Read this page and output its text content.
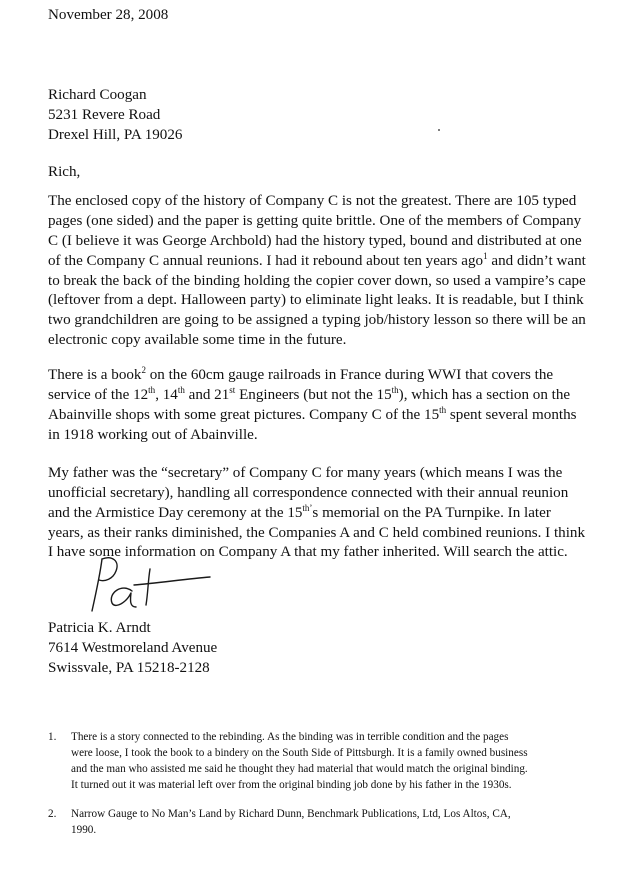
November 28, 2008
Richard Coogan
5231 Revere Road
Drexel Hill, PA 19026
Rich,
The enclosed copy of the history of Company C is not the greatest. There are 105 typed
pages (one sided) and the paper is getting quite brittle. One of the members of Company
C (I believe it was George Archbold) had the history typed, bound and distributed at one
of the Company C annual reunions. I had it rebound about ten years ago$^1$ and didn’t want
to break the back of the binding holding the copier cover down, so used a vampire’s cape
(leftover from a dept. Halloween party) to eliminate light leaks. It is readable, but I think
two grandchildren are going to be assigned a typing job/history lesson so there will be an
electronic copy available some time in the future.
There is a book$^2$ on the 60cm gauge railroads in France during WWI that covers the
service of the 12th, 14th and 21st Engineers (but not the 15th), which has a section on the
Abainville shops with some great pictures. Company C of the 15th spent several months
in 1918 working out of Abainville.
My father was the “secretary” of Company C for many years (which means I was the
unofficial secretary), handling all correspondence connected with their annual reunion
and the Armistice Day ceremony at the $15^{th’}s$ memorial on the PA Turnpike. In later
years, as their ranks diminished, the Companies A and C held combined reunions. I think
I have some information on Company A that my father inherited. Will search the attic.
Patricia K. Arndt
7614 Westmoreland Avenue
Swissvale, PA 15218-2128
1. There is a story connected to the rebinding. As the binding was in terrible condition and the pages
were loose, I took the book to a bindery on the South Side of Pittsburgh. It is a family owned business
and the man who assisted me said he thought they had material that would match the original binding.
It turned out it was material left over from the original binding job done by his father in the 1930s.
2. Narrow Gauge to No Man’s Land by Richard Dunn, Benchmark Publications, Ltd, Los Altos, CA,
1990.
